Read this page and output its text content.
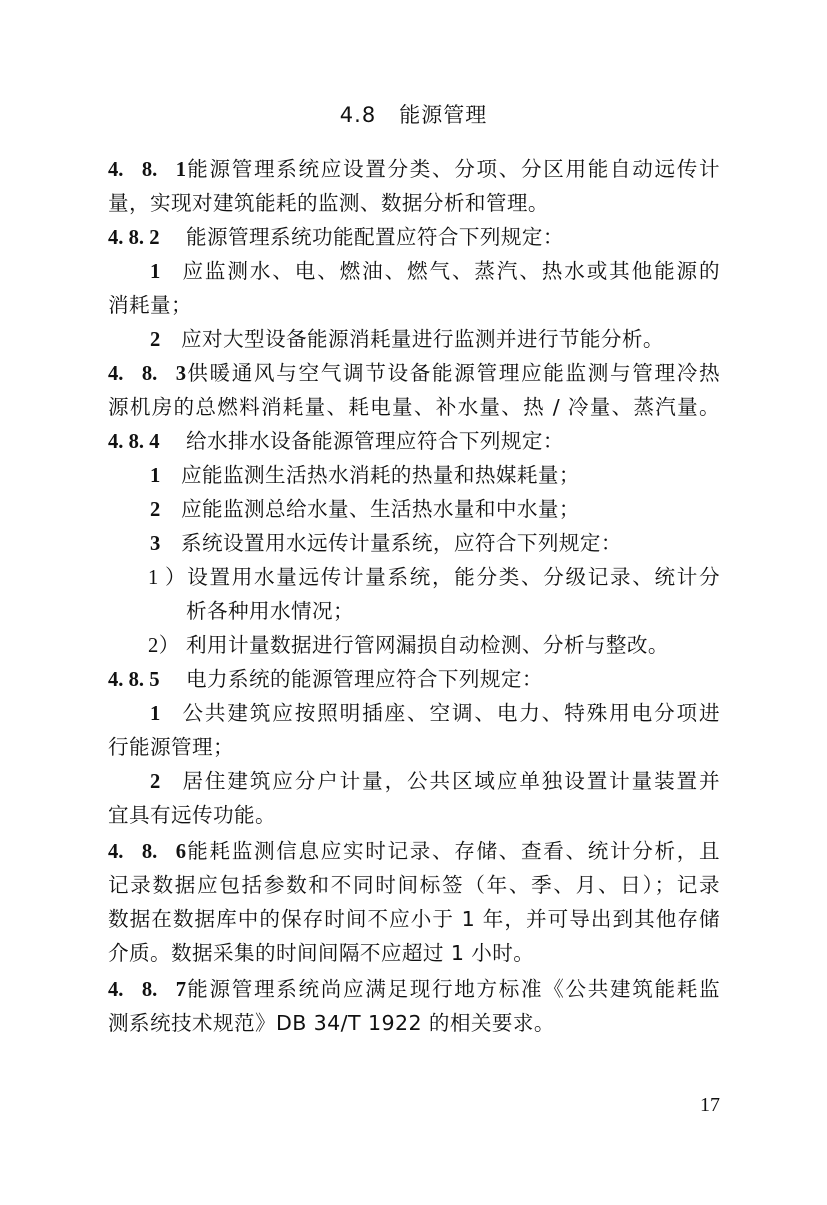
4.8 能源管理
4. 8. 1能源管理系统应设置分类、分项、分区用能自动远传计
量，实现对建筑能耗的监测、数据分析和管理。
4. 8. 2 能源管理系统功能配置应符合下列规定：
1 应监测水、电、燃油、燃气、蒸汽、热水或其他能源的
消耗量；
2 应对大型设备能源消耗量进行监测并进行节能分析。
4. 8. 3供暖通风与空气调节设备能源管理应能监测与管理冷热
源机房的总燃料消耗量、耗电量、补水量、热 / 冷量、蒸汽量。
4. 8. 4 给水排水设备能源管理应符合下列规定：
1 应能监测生活热水消耗的热量和热媒耗量；
2 应能监测总给水量、生活热水量和中水量；
3 系统设置用水远传计量系统，应符合下列规定：
1）设置用水量远传计量系统，能分类、分级记录、统计分
析各种用水情况；
2） 利用计量数据进行管网漏损自动检测、分析与整改。
4. 8. 5 电力系统的能源管理应符合下列规定：
1 公共建筑应按照明插座、空调、电力、特殊用电分项进
行能源管理；
2 居住建筑应分户计量，公共区域应单独设置计量装置并
宜具有远传功能。
4. 8. 6能耗监测信息应实时记录、存储、查看、统计分析，且
记录数据应包括参数和不同时间标签（年、季、月、日）；记录
数据在数据库中的保存时间不应小于 1 年，并可导出到其他存储
介质。数据采集的时间间隔不应超过 1 小时。
4. 8. 7能源管理系统尚应满足现行地方标准《公共建筑能耗监
测系统技术规范》DB 34/T 1922 的相关要求。
17
